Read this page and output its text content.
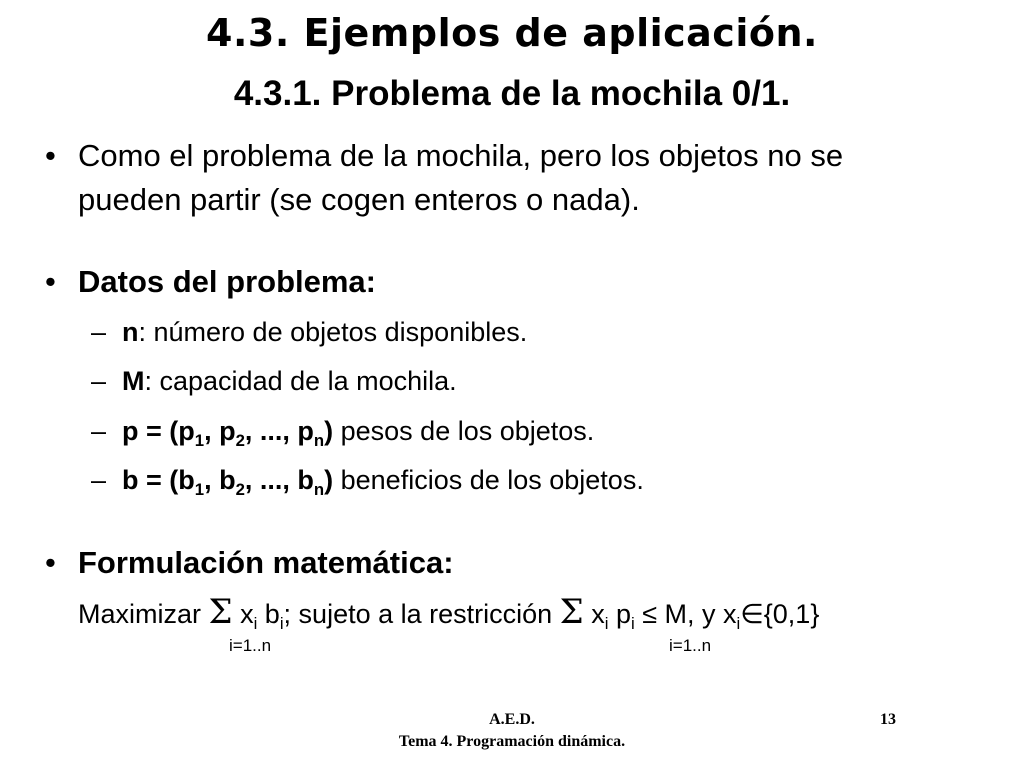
4.3. Ejemplos de aplicación.
4.3.1. Problema de la mochila 0/1.
• Como el problema de la mochila, pero los objetos no se
pueden partir (se cogen enteros o nada).
• Datos del problema:
– n: número de objetos disponibles.
– M: capacidad de la mochila.
– $p = (p_1$, $p_2$, ..., $p_n$) pesos de los objetos.
– $b = (b_1$, $b_2$, ..., $b_n$) beneficios de los objetos.
• Formulación matemática:
Maximizar Σ $x_i$ $b_i$; sujeto a la restricción Σ $x_i$ $p_i \le M$, y $x_i\in\{0,1\}$
i=1..n	i=1..n
A.E.D.
Tema 4. Programación dinámica.
13
